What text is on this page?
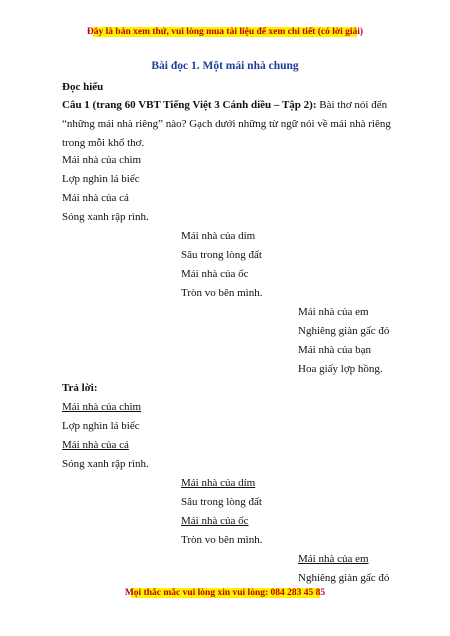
Đây là bản xem thử, vui lòng mua tài liệu để xem chi tiết (có lời giải)
Bài đọc 1. Một mái nhà chung
Đọc hiểu
Câu 1 (trang 60 VBT Tiếng Việt 3 Cánh diều – Tập 2): Bài thơ nói đến “những mái nhà riêng” nào? Gạch dưới những từ ngữ nói về mái nhà riêng trong mỗi khổ thơ.
Mái nhà của chim
Lợp nghìn lá biếc
Mái nhà của cá
Sóng xanh rập rình.
Mái nhà của dím
Sâu trong lòng đất
Mái nhà của ốc
Tròn vo bên mình.
Mái nhà của em
Nghiêng giàn gấc đỏ
Mái nhà của bạn
Hoa giấy lợp hồng.
Trả lời:
Mái nhà của chim
Lợp nghìn lá biếc
Mái nhà của cá
Sóng xanh rập rình.
Mái nhà của dím
Sâu trong lòng đất
Mái nhà của ốc
Tròn vo bên mình.
Mái nhà của em
Nghiêng giàn gấc đỏ
Mọi thắc mắc vui lòng xin vui lòng: 084 283 45 85
